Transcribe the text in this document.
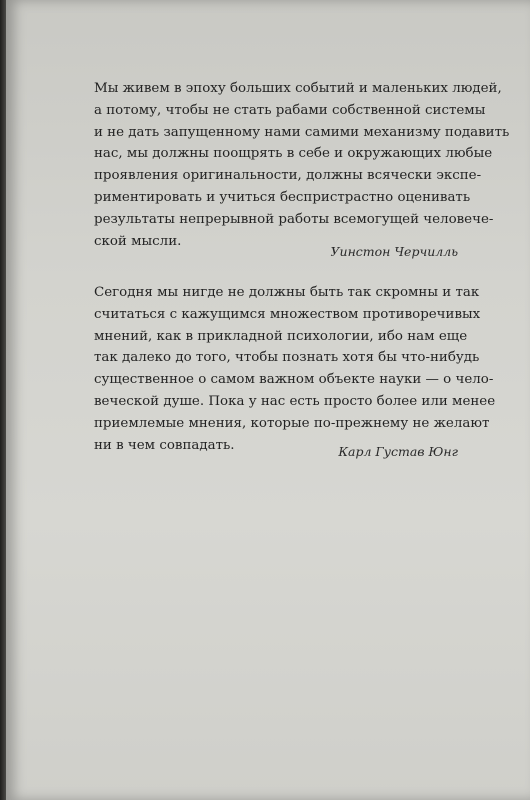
Мы живем в эпоху больших событий и маленьких людей,
а потому, чтобы не стать рабами собственной системы
и не дать запущенному нами самими механизму подавить
нас, мы должны поощрять в себе и окружающих любые
проявления оригинальности, должны всячески экспе-
риментировать и учиться беспристрастно оценивать
результаты непрерывной работы всемогущей человече-
ской мысли.

Уинстон Черчилль

Сегодня мы нигде не должны быть так скромны и так
считаться с кажущимся множеством противоречивых
мнений, как в прикладной психологии, ибо нам еще
так далеко до того, чтобы познать хотя бы что-нибудь
существенное о самом важном объекте науки — о чело-
веческой душе. Пока у нас есть просто более или менее
приемлемые мнения, которые по-прежнему не желают
ни в чем совпадать.	Карл Густав Юнг
